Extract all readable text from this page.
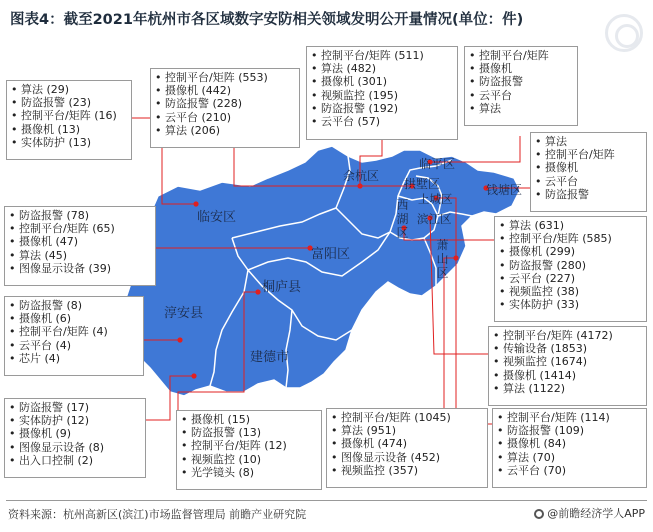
图表4：截至2021年杭州市各区域数字安防相关领域发明公开量情况(单位：件)
临安区
富阳区
桐庐县
淳安县
建德市
余杭区
临平区
拱墅区	钱塘区
西湖区
上城区
滨江区
萧山区
• 控制平台/矩阵 (511)
• 算法 (482)
• 摄像机 (301)
• 视频监控 (195)
• 防盗报警 (192)
• 云平台 (57)
• 控制平台/矩阵
• 摄像机
• 防盗报警
• 云平台
• 算法
• 算法
• 控制平台/矩阵
• 摄像机
• 云平台
• 防盗报警
• 算法 (631)
• 控制平台/矩阵 (585)
• 摄像机 (299)
• 防盗报警 (280)
• 云平台 (227)
• 视频监控 (38)
• 实体防护 (33)
• 控制平台/矩阵 (4172)
• 传输设备 (1853)
• 视频监控 (1674)
• 摄像机 (1414)
• 算法 (1122)
• 控制平台/矩阵 (114)
• 防盗报警 (109)
• 摄像机 (84)
• 算法 (70)
• 云平台 (70)
• 控制平台/矩阵 (1045)
• 算法 (951)
• 摄像机 (474)
• 图像显示设备 (452)
• 视频监控 (357)
• 摄像机 (15)
• 防盗报警 (13)
• 控制平台/矩阵 (12)
• 视频监控 (10)
• 光学镜头 (8)
• 防盗报警 (17)
• 实体防护 (12)
• 摄像机 (9)
• 图像显示设备 (8)
• 出入口控制 (2)
• 防盗报警 (8)
• 摄像机 (6)
• 控制平台/矩阵 (4)
• 云平台 (4)
• 芯片 (4)
• 防盗报警 (78)
• 控制平台/矩阵 (65)
• 摄像机 (47)
• 算法 (45)
• 图像显示设备 (39)
• 算法 (29)
• 防盗报警 (23)
• 控制平台/矩阵 (16)
• 摄像机 (13)
• 实体防护 (13)
• 控制平台/矩阵 (553)
• 摄像机 (442)
• 防盗报警 (228)
• 云平台 (210)
• 算法 (206)
资料来源：杭州高新区(滨江)市场监督管理局 前瞻产业研究院	@前瞻经济学人APP
